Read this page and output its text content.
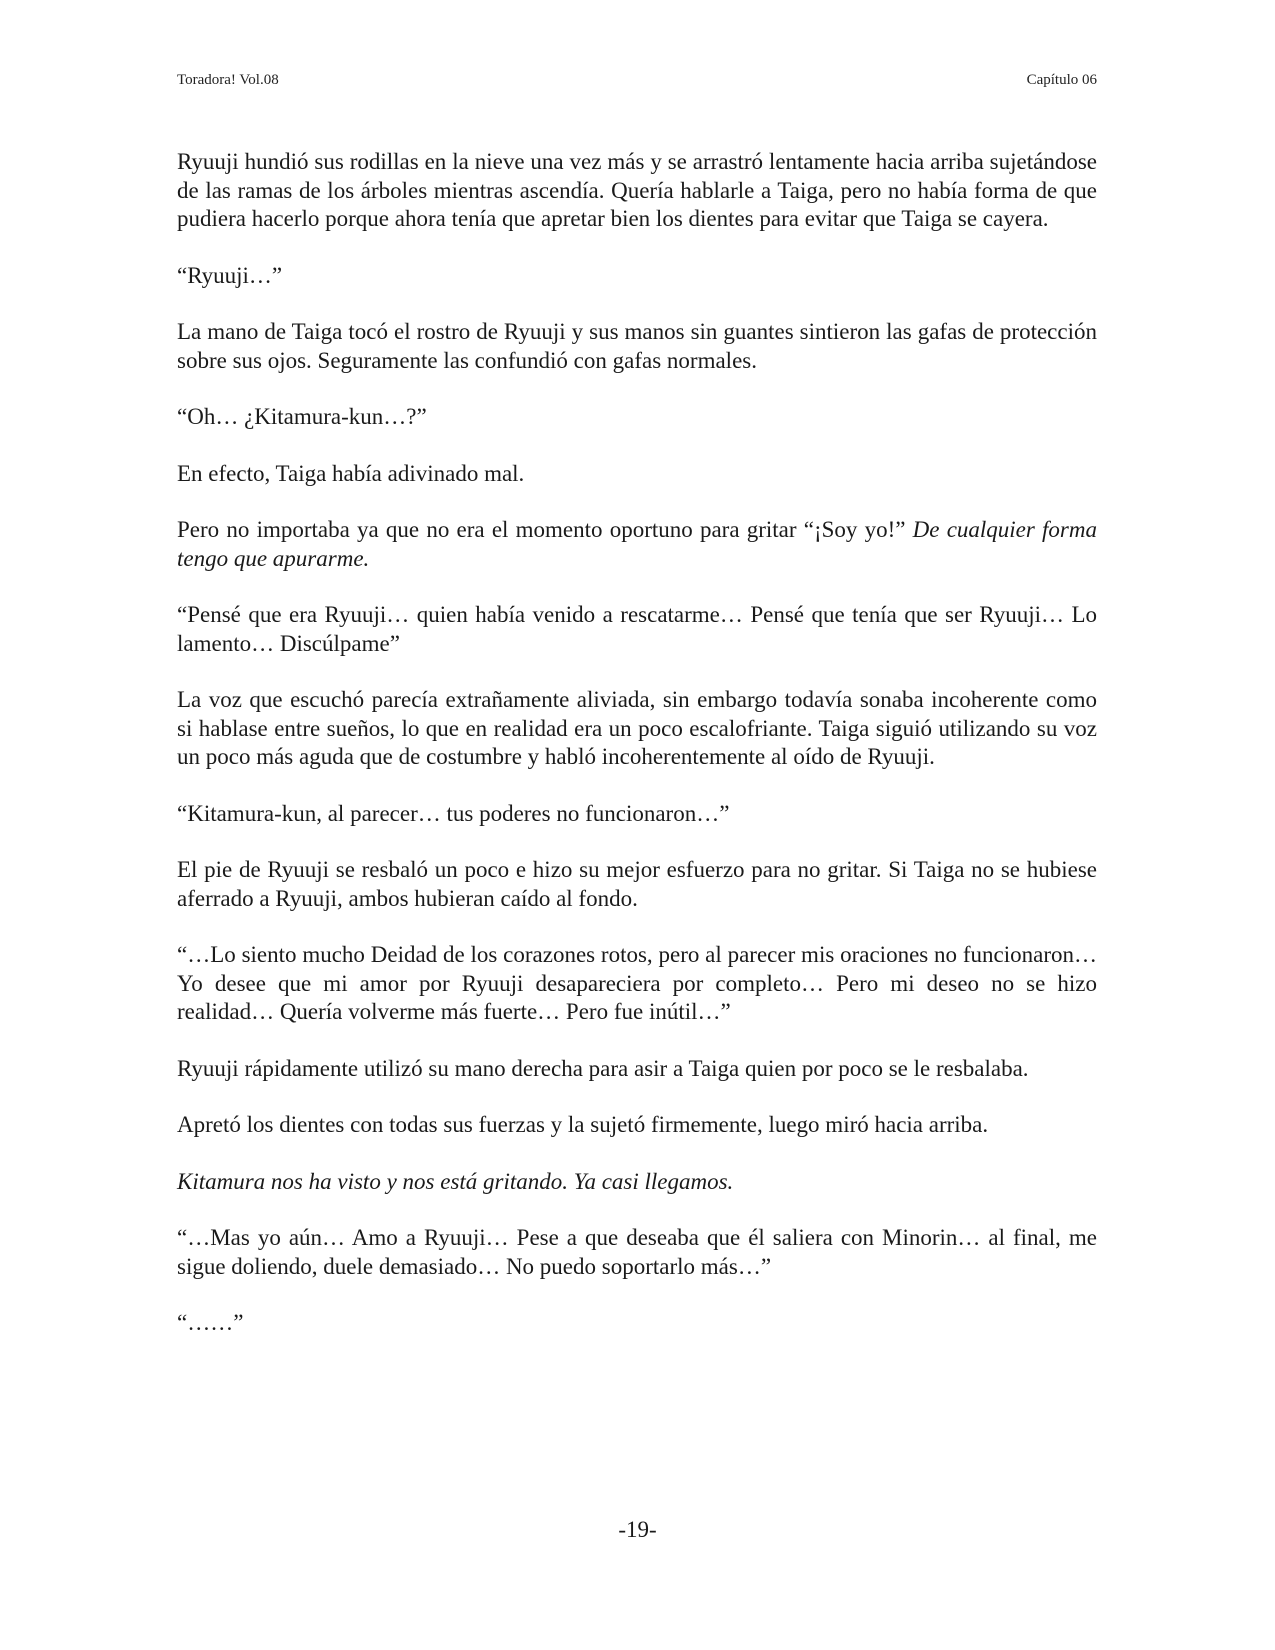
Toradora! Vol.08	Capítulo 06

Ryuuji hundió sus rodillas en la nieve una vez más y se arrastró lentamente hacia arriba sujetándose de las ramas de los árboles mientras ascendía. Quería hablarle a Taiga, pero no había forma de que pudiera hacerlo porque ahora tenía que apretar bien los dientes para evitar que Taiga se cayera.

“Ryuuji…”

La mano de Taiga tocó el rostro de Ryuuji y sus manos sin guantes sintieron las gafas de protección sobre sus ojos. Seguramente las confundió con gafas normales.

“Oh… ¿Kitamura-kun…?”

En efecto, Taiga había adivinado mal.

Pero no importaba ya que no era el momento oportuno para gritar “¡Soy yo!” De cualquier forma tengo que apurarme.

“Pensé que era Ryuuji… quien había venido a rescatarme… Pensé que tenía que ser Ryuuji… Lo lamento… Discúlpame”

La voz que escuchó parecía extrañamente aliviada, sin embargo todavía sonaba incoherente como si hablase entre sueños, lo que en realidad era un poco escalofriante. Taiga siguió utilizando su voz un poco más aguda que de costumbre y habló incoherentemente al oído de Ryuuji.

“Kitamura-kun, al parecer… tus poderes no funcionaron…”

El pie de Ryuuji se resbaló un poco e hizo su mejor esfuerzo para no gritar. Si Taiga no se hubiese aferrado a Ryuuji, ambos hubieran caído al fondo.

“…Lo siento mucho Deidad de los corazones rotos, pero al parecer mis oraciones no funcionaron… Yo desee que mi amor por Ryuuji desapareciera por completo… Pero mi deseo no se hizo realidad… Quería volverme más fuerte… Pero fue inútil…”

Ryuuji rápidamente utilizó su mano derecha para asir a Taiga quien por poco se le resbalaba.

Apretó los dientes con todas sus fuerzas y la sujetó firmemente, luego miró hacia arriba.

Kitamura nos ha visto y nos está gritando. Ya casi llegamos.

“…Mas yo aún… Amo a Ryuuji… Pese a que deseaba que él saliera con Minorin… al final, me sigue doliendo, duele demasiado… No puedo soportarlo más…”

“……”

-19-
